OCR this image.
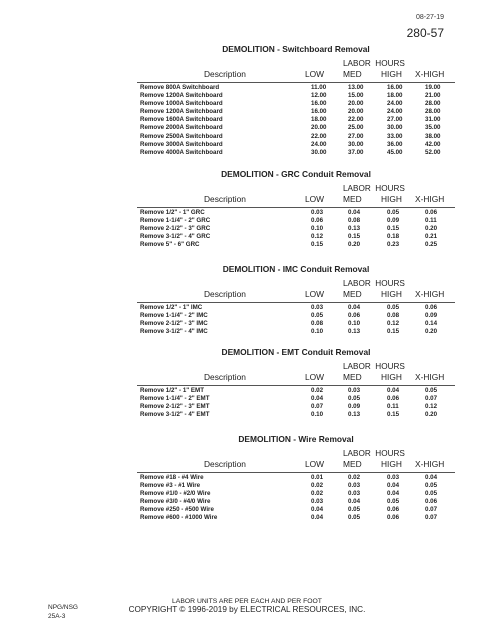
08-27-19
280-57
DEMOLITION - Switchboard Removal
LABOR  HOURS
Description	LOW MED HIGH X-HIGH
Remove 800A Switchboard	11.00	13.00	16.00	19.00
Remove 1200A Switchboard	12.00	15.00	18.00	21.00
Remove 1000A Switchboard	16.00	20.00	24.00	28.00
Remove 1200A Switchboard	16.00	20.00	24.00	28.00
Remove 1600A Switchboard	18.00	22.00	27.00	31.00
Remove 2000A Switchboard	20.00	25.00	30.00	35.00
Remove 2500A Switchboard	22.00	27.00	33.00	38.00
Remove 3000A Switchboard	24.00	30.00	36.00	42.00
Remove 4000A Switchboard	30.00	37.00	45.00	52.00
DEMOLITION - GRC Conduit Removal
LABOR  HOURS
Description	LOW MED HIGH X-HIGH
Remove 1/2" - 1" GRC	0.03	0.04	0.05	0.06
Remove 1-1/4" - 2" GRC	0.06	0.08	0.09	0.11
Remove 2-1/2" - 3" GRC	0.10	0.13	0.15	0.20
Remove 3-1/2" - 4" GRC	0.12	0.15	0.18	0.21
Remove 5" - 6" GRC	0.15	0.20	0.23	0.25
DEMOLITION - IMC Conduit Removal
LABOR  HOURS
Description	LOW MED HIGH X-HIGH
Remove 1/2" - 1" IMC	0.03	0.04	0.05	0.06
Remove 1-1/4" - 2" IMC	0.05	0.06	0.08	0.09
Remove 2-1/2" - 3" IMC	0.08	0.10	0.12	0.14
Remove 3-1/2" - 4" IMC	0.10	0.13	0.15	0.20
DEMOLITION - EMT Conduit Removal
LABOR  HOURS
Description	LOW MED HIGH X-HIGH
Remove 1/2" - 1" EMT	0.02	0.03	0.04	0.05
Remove 1-1/4" - 2" EMT	0.04	0.05	0.06	0.07
Remove 2-1/2" - 3" EMT	0.07	0.09	0.11	0.12
Remove 3-1/2" - 4" EMT	0.10	0.13	0.15	0.20
DEMOLITION - Wire Removal
LABOR  HOURS
Description	LOW MED HIGH X-HIGH
Remove #18 - #4 Wire	0.01	0.02	0.03	0.04
Remove #3 - #1 Wire	0.02	0.03	0.04	0.05
Remove #1/0 - #2/0 Wire	0.02	0.03	0.04	0.05
Remove #3/0 - #4/0 Wire	0.03	0.04	0.05	0.06
Remove #250 - #500 Wire	0.04	0.05	0.06	0.07
Remove #600 - #1000 Wire	0.04	0.05	0.06	0.07
NPG/NSG
25A-3
LABOR UNITS ARE PER EACH AND PER FOOT
COPYRIGHT © 1996-2019 by ELECTRICAL RESOURCES, INC.
